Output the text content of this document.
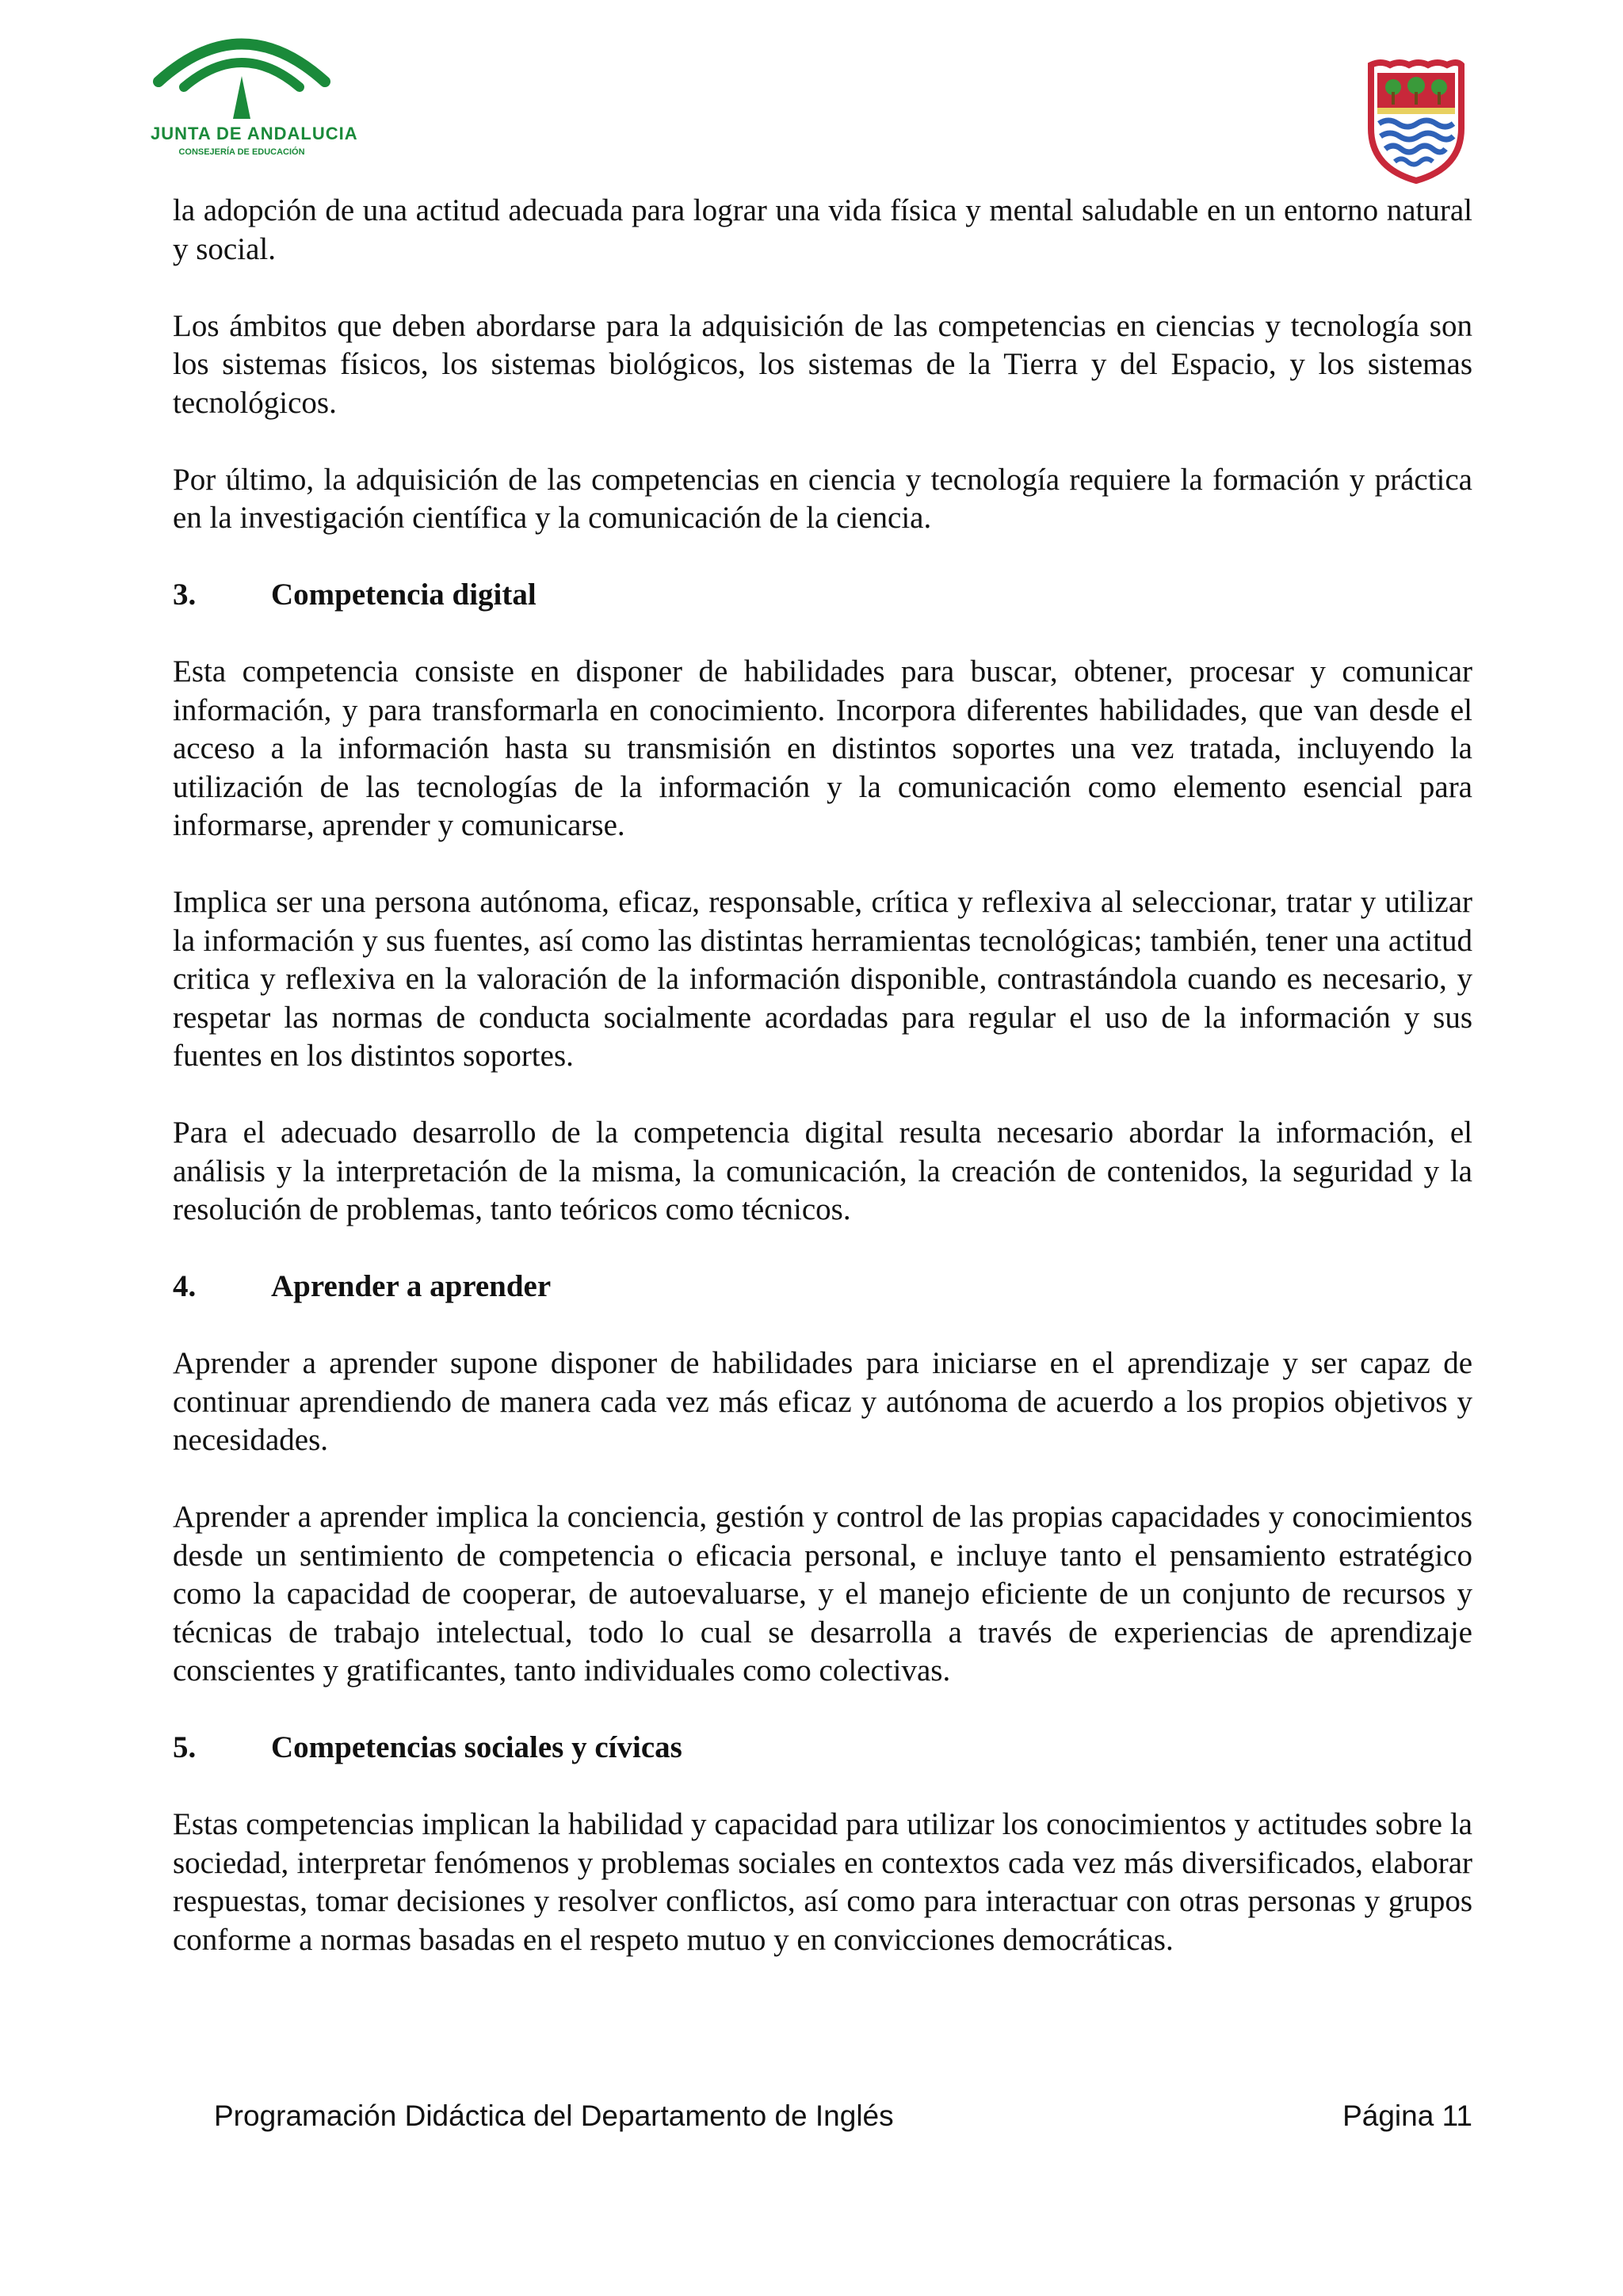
JUNTA DE ANDALUCIA
CONSEJERÍA DE EDUCACIÓN

la adopción de una actitud adecuada para lograr una vida física y mental saludable en un entorno natural y social.

Los ámbitos que deben abordarse para la adquisición de las competencias en ciencias y tecnología son los sistemas físicos, los sistemas biológicos, los sistemas de la Tierra y del Espacio, y los sistemas tecnológicos.

Por último, la adquisición de las competencias en ciencia y tecnología requiere la formación y práctica en la investigación científica y la comunicación de la ciencia.

3.	Competencia digital

Esta competencia consiste en disponer de habilidades para buscar, obtener, procesar y comunicar información, y para transformarla en conocimiento. Incorpora diferentes habilidades, que van desde el acceso a la información hasta su transmisión en distintos soportes una vez tratada, incluyendo la utilización de las tecnologías de la información y la comunicación como elemento esencial para informarse, aprender y comunicarse.

Implica ser una persona autónoma, eficaz, responsable, crítica y reflexiva al seleccionar, tratar y utilizar la información y sus fuentes, así como las distintas herramientas tecnológicas; también, tener una actitud critica y reflexiva en la valoración de la información disponible, contrastándola cuando es necesario, y respetar las normas de conducta socialmente acordadas para regular el uso de la información y sus fuentes en los distintos soportes.

Para el adecuado desarrollo de la competencia digital resulta necesario abordar la información, el análisis y la interpretación de la misma, la comunicación, la creación de contenidos, la seguridad y la resolución de problemas, tanto teóricos como técnicos.

4.	Aprender a aprender

Aprender a aprender supone disponer de habilidades para iniciarse en el aprendizaje y ser capaz de continuar aprendiendo de manera cada vez más eficaz y autónoma de acuerdo a los propios objetivos y necesidades.

Aprender a aprender implica la conciencia, gestión y control de las propias capacidades y conocimientos desde un sentimiento de competencia o eficacia personal, e incluye tanto el pensamiento estratégico como la capacidad de cooperar, de autoevaluarse, y el manejo eficiente de un conjunto de recursos y técnicas de trabajo intelectual, todo lo cual se desarrolla a través de experiencias de aprendizaje conscientes y gratificantes, tanto individuales como colectivas.

5.	Competencias sociales y cívicas

Estas competencias implican la habilidad y capacidad para utilizar los conocimientos y actitudes sobre la sociedad, interpretar fenómenos y problemas sociales en contextos cada vez más diversificados, elaborar respuestas, tomar decisiones y resolver conflictos, así como para interactuar con otras personas y grupos conforme a normas basadas en el respeto mutuo y en convicciones democráticas.

Programación Didáctica del Departamento de Inglés	Página 11
